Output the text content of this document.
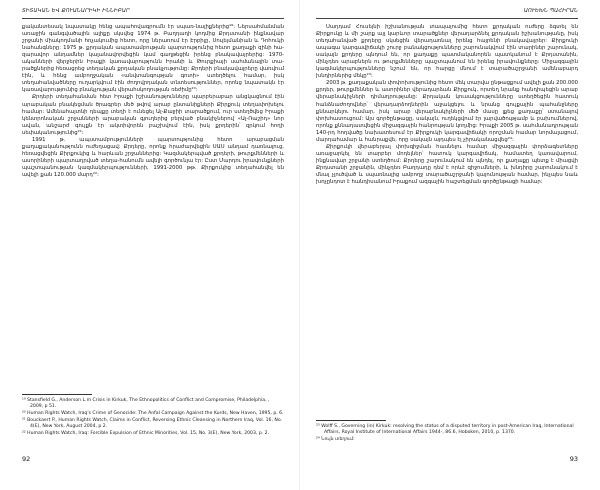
ՏԻՏԱԿԱՆ ԵՎ ՔՈՒԱՆԱՐԻԿԻ ԻՆՆԻԲԱՐ

քականտեսակ նպատակը հենց ապահովագրումն էր սպառ-նալիքներից¹⁹: Ներսահմանման առաջին գանգվածային ալիքը սկսվեց 1974 թ. Բաղդադի կողմից Քրդստանի ինքնավար շրջանի միակողմանի հռչակումից հետո, որը ներառում էր Էրբիլը, Սուլեյմանիան և Դոհուկի նահանգները: 1975 թ. քրդական ապստամբության պարտությունից հետո քաղաքի զինի հա-զարավոր անդամներ կալանավորվեցին կամ գաղթեցին իրենց բնակավայրերից: 1970-ականների վերջերին Իրաքի կառավարությունն Իրանի և Թուրքիայի սահմանային տա-րածքներից հեռացրեց տեղական քրդական բնակչությունը: Քրդերի բնակավայրերը վառվում էին, և հենց ամբողջական «անվտանգության գոտի» ստեղծելու համար, իսկ տեղահանվածները ուղարկվում էին ժողովրդական տնտեսություններ, որոնց նպատակն էր կառավարությունից բնակչության վերահսկողության ռեժիմը²⁰:

Քրդերի տեղահանման հետ Իրաքի իշխանությունները պարբերաբար անցկացնում էին արաբական բնակեցման ծրագրեր մեծ թվով արաբ ընտանիքների Քիրքուկ տեղափոխելու համար: Ամենահայտնի դեպքը տեղի է ունեցել Ալ-Քաջիի տարածքում, ուր ստեղծվեց Իրաքի կենտրոնական շրջանների արաբական գյուղերից բերված բնակիչներով «Ալ-Ռաշիդ» նոր ավան, անշարժ գույքն էր ակտիվորեն բաշխվում էին, իսկ քրդերին՝ զրկում հողի սեփականությունից²¹:

1991 թ. ապստամբությունների պարտությունից հետո արաբացման քաղաքականությունն ուժեղացավ: Քրդերը, որոնք հրաժարվեցին ՍԱՍ անդամ դառնալուց, հեռացվեցին Քիրքուկից և հարևան շրջաններից: Կազմակերպված քրդերի, թուրքմենների և ասորիների պարտադրված տեղա-հանումն ավելի գործունյա էր: Ըստ Մարդու իրավունքների պաշտպանության կազմակերպությունների, 1991-2000 թթ. Քիրքուկից տեղահանվել են ավելի քան 120.000 մարդ²²:

¹⁹ Stansfield G., Anderson L.m Crisis in Kirkuk, The Ethnopolitics of Conflict and Compromise, Philadelphia, , 2009, p 51.
²⁰ Human Rights Watch, Iraq's Crime of Genocide: The Anfal Campaign Against the Kurds, New Haven, 1995, p. 6.
²¹ Bouckaert P., Human Rights Watch, Claims in Conflict, Reversing Ethnic Cleansing in Northern Iraq, Vol. 16, No. 4(E), New York, August 2004, p 2.
²² Human Rights Watch, Iraq: Forcible Expulsion of Ethnic Minorities, Vol. 15, No. 3(E), New York, 2003, p. 2.
92
ԱՈՒԵԽՆ ՊԱՀԻՐԱՆ

Սադդամ Հուսեյնի իշխանության տապալումից հետո քրդական ուժերը ձգտել են Քիրքուկը և մի շարք այլ կարևոր տարածքներ վերադարձնել քրդական իշխանությանը, իսկ տեղահանված քրդերը սկսեցին վերադառնալ իրենց հայրենի բնակավայրեր: Քիրքուկի ապագա կարգավիճակի շուրջ բանակցությունները շարունակվում էին տարիներ շարունակ, սակայն քրդերը պնդում են, որ քաղաքը պատմականորեն պատկանում է Քրդստանին, մինչդեռ արաբներն ու թուրքմենները պաշտպանում են իրենց իրավունքները: Միջազգային կազմակերպությունները նշում են, որ հարցը մնում է տարածաշրջանի ամենաբարդ խնդիրներից մեկը²³:

2003 թ. քաղաքական փոփոխությունից հետո մեկ տարվա ընթացքում ավելի քան 200.000 քրդեր, թուրքմեններ և ասորիներ վերադարձան Քիրքուկ, որտեղ նրանք հանդիպեցին արաբ վերաբնակիչների դիմադրությանը: Քրդական կուսակցությունները ստեղծեցին հատուկ հանձնաժողովներ՝ վերադարձողներին աջակցելու և նրանց գույքային պահանջները քննարկելու համար, իսկ արաբ վերաբնակիչների մեծ մասը լքեց քաղաքը՝ ստանալով փոխհատուցում: Այս գործընթացը, սակայն, ուղեկցվում էր լարվածությամբ և բախումներով, որոնք քննադատվեցին միջազգային հանրության կողմից: Իրաքի 2005 թ. սահմանադրության 140-րդ հոդվածը նախատեսում էր Քիրքուկի կարգավիճակի որոշման համար նորմալացում, մարդահամար և հանրաքվե, որը սակայն այդպես էլ չիրականացվեց²⁴:

Քիրքուկի վերաբերյալ փոխզիջման հասնելու համար միջազգային փորձագետները առաջարկել են տարբեր մոդելներ՝ հատուկ կարգավիճակ, համատեղ կառավարում, ինքնավար շրջանի ստեղծում: Քրդերը շարունակում են պնդել, որ քաղաքը պետք է միացվի Քրդստանի շրջանին, մինչդեռ Բաղդադը դեմ է որևէ զիջումների, և խնդիրը շարունակում է մնալ չլուծված և սպառնալից ամբողջ տարածաշրջանի կայունության համար, ինչպես նաև խոչընդոտ է հանդիսանում Իրաքում ազգային հաշտեցման գործընթացի համար:

²³ Wolff S., Governing (in) Kirkuk: resolving the status of a disputed territory in post-American Iraq, International Affairs, Royal Institute of International Affairs 1944-, 86.6, Hoboken, 2010, p. 1370.
²⁴ Նույն տեղում:
93
